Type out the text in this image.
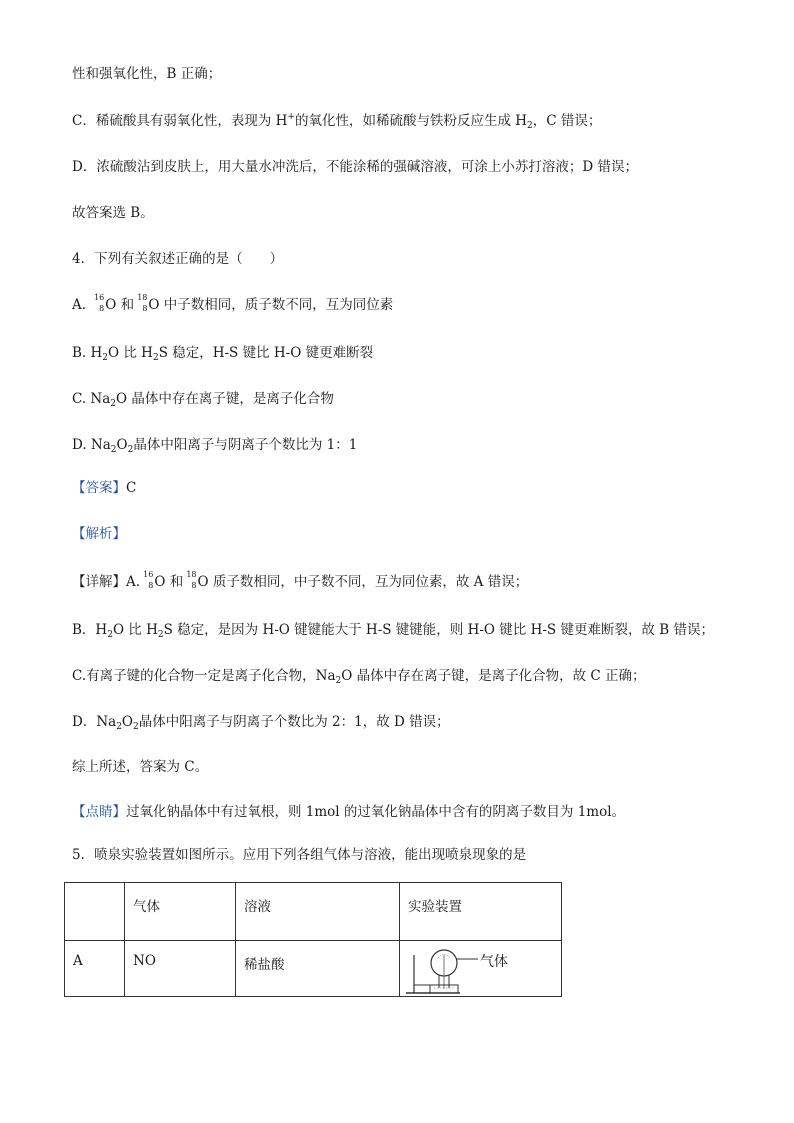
性和强氧化性，B 正确；
C．稀硫酸具有弱氧化性，表现为 H+的氧化性，如稀硫酸与铁粉反应生成 $H_2$，C 错误；
D．浓硫酸沾到皮肤上，用大量水冲洗后，不能涂稀的强碱溶液，可涂上小苏打溶液；D 错误；
故答案选 B。
4．下列有关叙述正确的是（　　）
A．
16
8 O 和
18
8 O 中子数相同，质子数不同，互为同位素
B. $H_2O$ 比 $H_2S$ 稳定，H-S 键比 H-O 键更难断裂
C. $Na_2O$ 晶体中存在离子键，是离子化合物
D. $Na_2O_2$晶体中阳离子与阴离子个数比为 1：1
【答案】C
【解析】
【详解】A.
16
8 O 和
18
8 O 质子数相同，中子数不同，互为同位素，故 A 错误；
B．$H_2O$ 比 $H_2S$ 稳定，是因为 H-O 键键能大于 H-S 键键能，则 H-O 键比 H-S 键更难断裂，故 B 错误；
C.有离子键的化合物一定是离子化合物，$Na_2O$ 晶体中存在离子键，是离子化合物，故 C 正确；
D．$Na_2O_2$晶体中阳离子与阴离子个数比为 2：1，故 D 错误；
综上所述，答案为 C。
【点睛】过氧化钠晶体中有过氧根，则 1mol 的过氧化钠晶体中含有的阴离子数目为 1mol。
5．喷泉实验装置如图所示。应用下列各组气体与溶液，能出现喷泉现象的是
	气体	溶液	实验装置
A	NO	稀盐酸	气体
